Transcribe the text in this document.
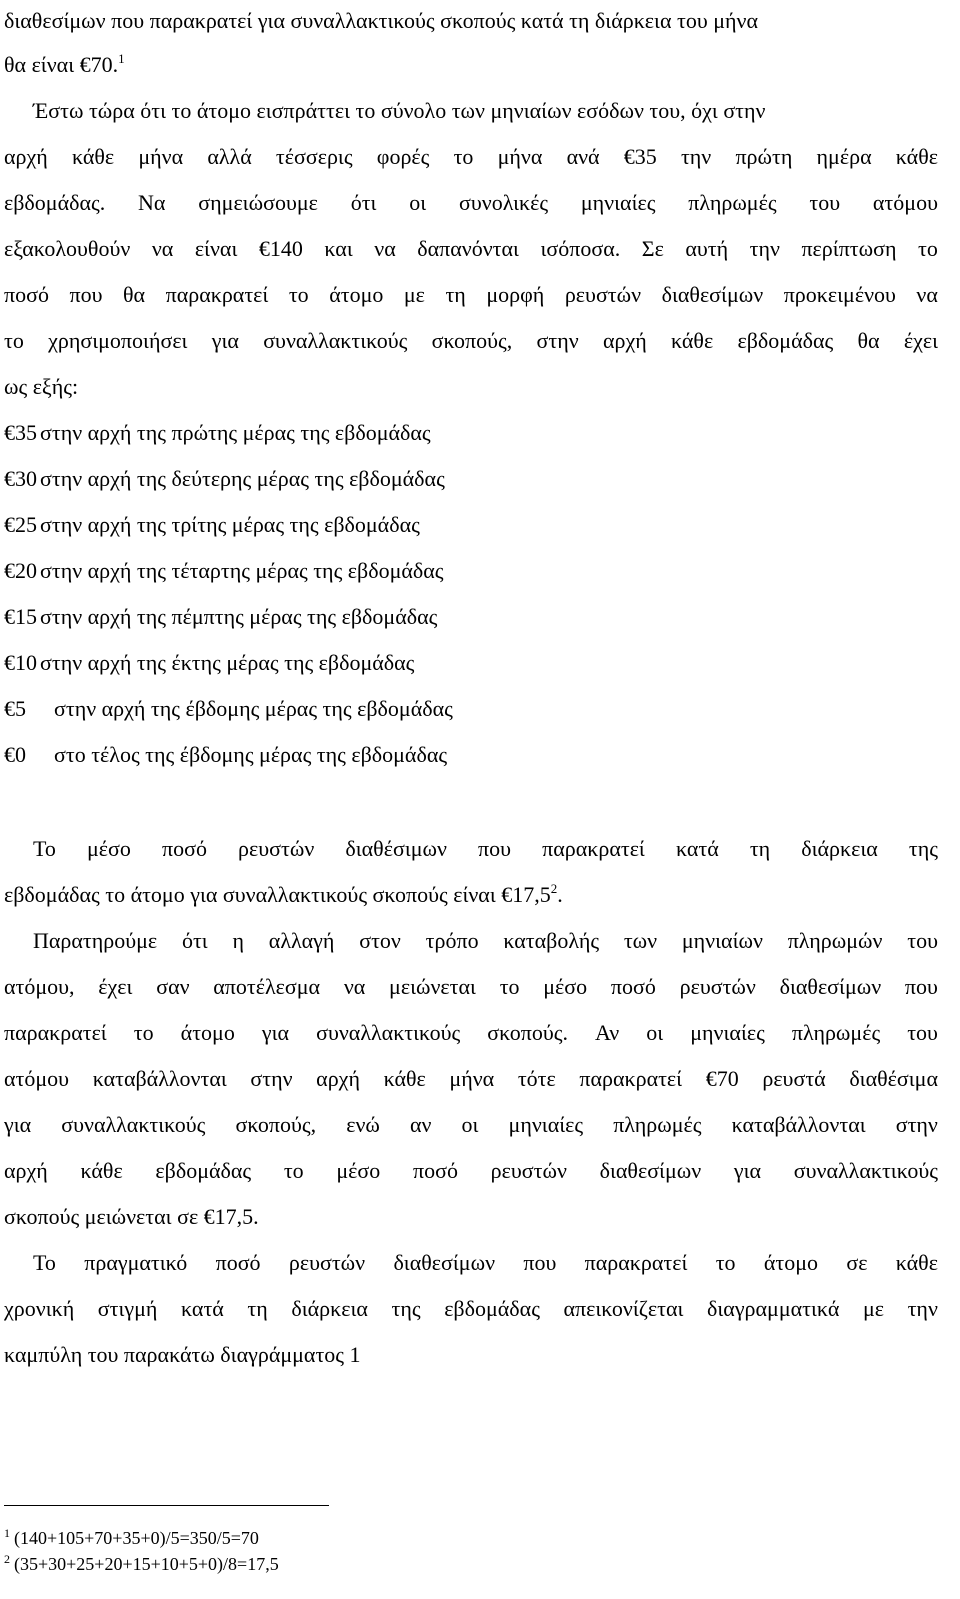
διαθεσίμων που παρακρατεί για συναλλακτικούς σκοπούς κατά τη διάρκεια του μήνα
θα είναι €70.$^1$
Έστω τώρα ότι το άτομο εισπράττει το σύνολο των μηνιαίων εσόδων του, όχι στην
αρχή κάθε μήνα αλλά τέσσερις φορές το μήνα ανά €35 την πρώτη ημέρα κάθε
εβδομάδας. Να σημειώσουμε ότι οι συνολικές μηνιαίες πληρωμές του ατόμου
εξακολουθούν να είναι €140 και να δαπανόνται ισόποσα. Σε αυτή την περίπτωση το
ποσό που θα παρακρατεί το άτομο με τη μορφή ρευστών διαθεσίμων προκειμένου να
το χρησιμοποιήσει για συναλλακτικούς σκοπούς, στην αρχή κάθε εβδομάδας θα έχει
ως εξής:
€35 στην αρχή της πρώτης μέρας της εβδομάδας
€30 στην αρχή της δεύτερης μέρας της εβδομάδας
€25 στην αρχή της τρίτης μέρας της εβδομάδας
€20 στην αρχή της τέταρτης μέρας της εβδομάδας
€15 στην αρχή της πέμπτης μέρας της εβδομάδας
€10 στην αρχή της έκτης μέρας της εβδομάδας
€5 στην αρχή της έβδομης μέρας της εβδομάδας
€0 στο τέλος της έβδομης μέρας της εβδομάδας
Το μέσο ποσό ρευστών διαθέσιμων που παρακρατεί κατά τη διάρκεια της
εβδομάδας το άτομο για συναλλακτικούς σκοπούς είναι €17,5$^2$.
Παρατηρούμε ότι η αλλαγή στον τρόπο καταβολής των μηνιαίων πληρωμών του
ατόμου, έχει σαν αποτέλεσμα να μειώνεται το μέσο ποσό ρευστών διαθεσίμων που
παρακρατεί το άτομο για συναλλακτικούς σκοπούς. Αν οι μηνιαίες πληρωμές του
ατόμου καταβάλλονται στην αρχή κάθε μήνα τότε παρακρατεί €70 ρευστά διαθέσιμα
για συναλλακτικούς σκοπούς, ενώ αν οι μηνιαίες πληρωμές καταβάλλονται στην
αρχή κάθε εβδομάδας το μέσο ποσό ρευστών διαθεσίμων για συναλλακτικούς
σκοπούς μειώνεται σε €17,5.
Το πραγματικό ποσό ρευστών διαθεσίμων που παρακρατεί το άτομο σε κάθε
χρονική στιγμή κατά τη διάρκεια της εβδομάδας απεικονίζεται διαγραμματικά με την
καμπύλη του παρακάτω διαγράμματος 1
$^1$ (140+105+70+35+0)/5=350/5=70
$^2$ (35+30+25+20+15+10+5+0)/8=17,5
